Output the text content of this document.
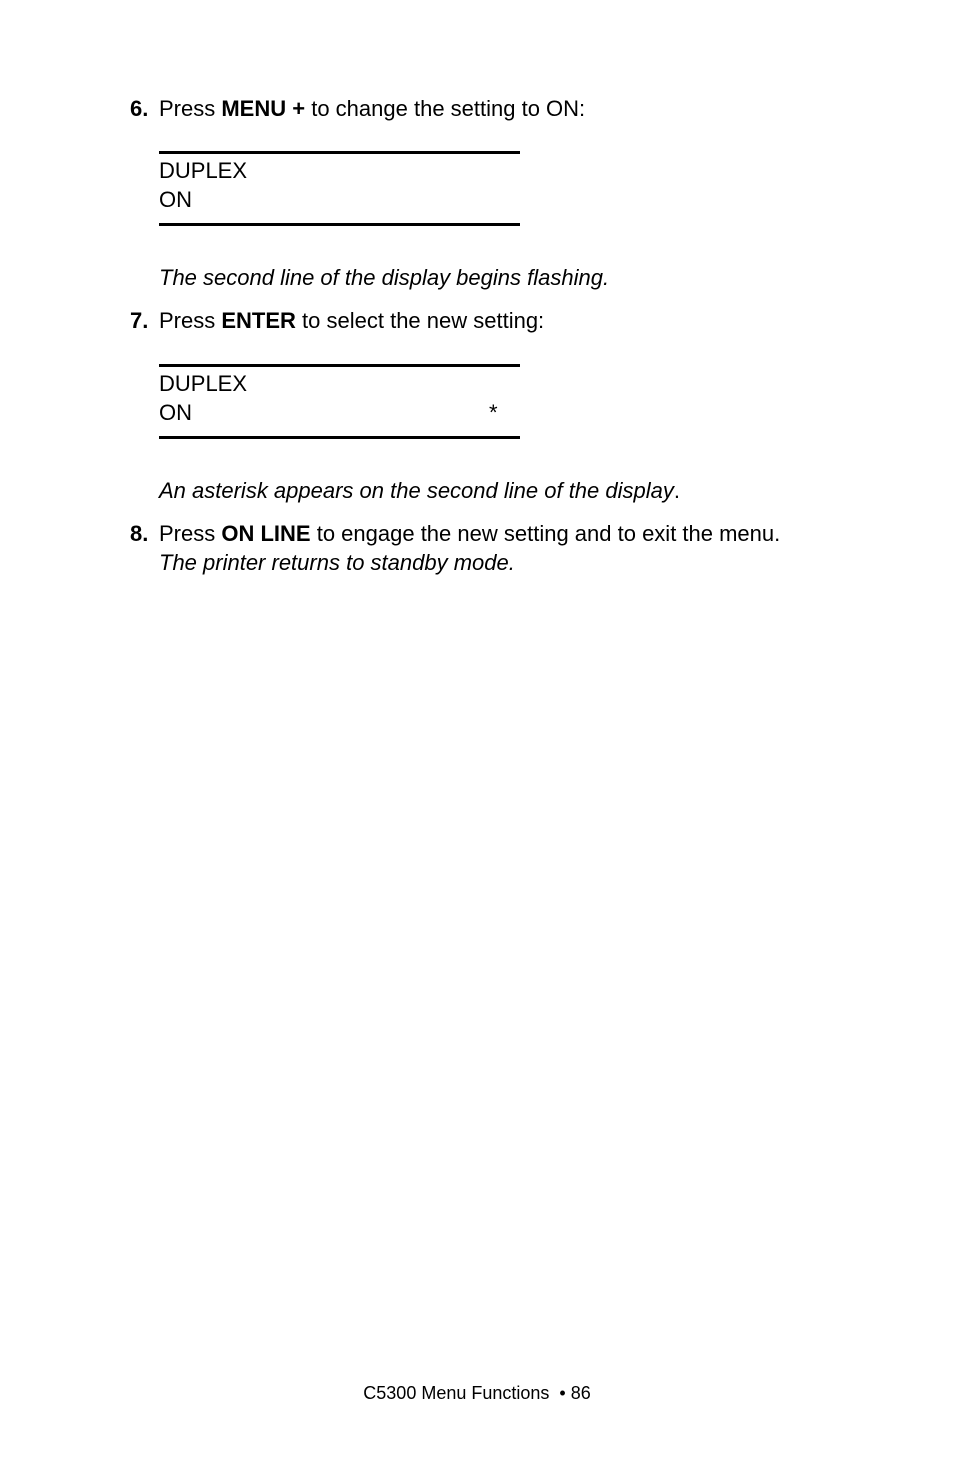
6. Press MENU + to change the setting to ON:
DUPLEX
ON
The second line of the display begins flashing.
7. Press ENTER to select the new setting:
DUPLEX
ON	*
An asterisk appears on the second line of the display.
8. Press ON LINE to engage the new setting and to exit the menu.
The printer returns to standby mode.
C5300 Menu Functions  • 86
